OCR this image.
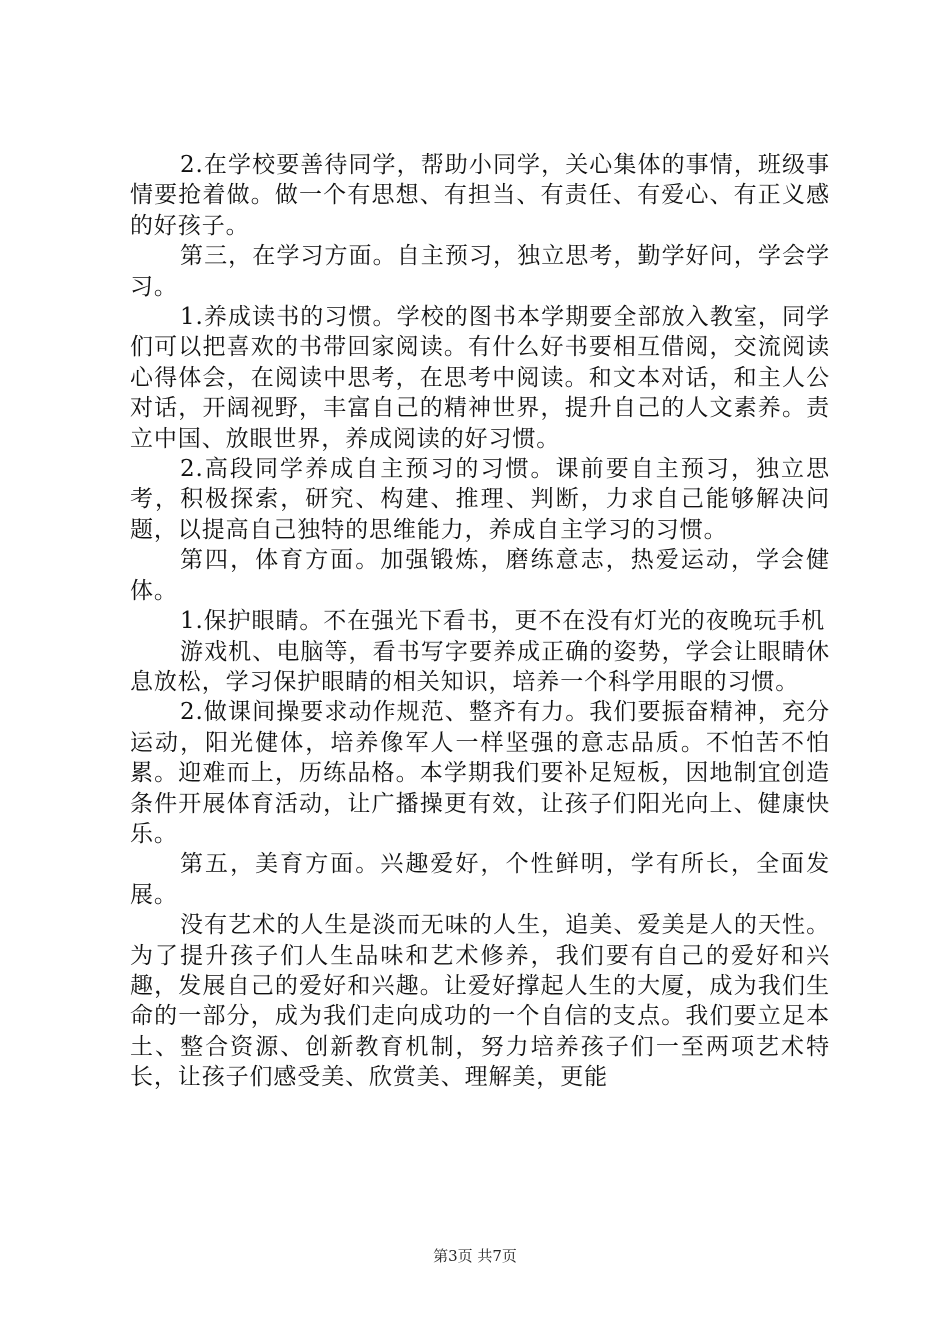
2.在学校要善待同学，帮助小同学，关心集体的事情，班级事情要抢着做。做一个有思想、有担当、有责任、有爱心、有正义感的好孩子。

第三，在学习方面。自主预习，独立思考，勤学好问，学会学习。

1.养成读书的习惯。学校的图书本学期要全部放入教室，同学们可以把喜欢的书带回家阅读。有什么好书要相互借阅，交流阅读心得体会，在阅读中思考，在思考中阅读。和文本对话，和主人公对话，开阔视野，丰富自己的精神世界，提升自己的人文素养。责立中国、放眼世界，养成阅读的好习惯。

2.高段同学养成自主预习的习惯。课前要自主预习，独立思考，积极探索，研究、构建、推理、判断，力求自己能够解决问题，以提高自己独特的思维能力，养成自主学习的习惯。

第四，体育方面。加强锻炼，磨练意志，热爱运动，学会健体。

1.保护眼睛。不在强光下看书，更不在没有灯光的夜晚玩手机

游戏机、电脑等，看书写字要养成正确的姿势，学会让眼睛休息放松，学习保护眼睛的相关知识，培养一个科学用眼的习惯。

2.做课间操要求动作规范、整齐有力。我们要振奋精神，充分运动，阳光健体，培养像军人一样坚强的意志品质。不怕苦不怕累。迎难而上，历练品格。本学期我们要补足短板，因地制宜创造条件开展体育活动，让广播操更有效，让孩子们阳光向上、健康快乐。

第五，美育方面。兴趣爱好，个性鲜明，学有所长，全面发展。

没有艺术的人生是淡而无味的人生，追美、爱美是人的天性。为了提升孩子们人生品味和艺术修养，我们要有自己的爱好和兴趣，发展自己的爱好和兴趣。让爱好撑起人生的大厦，成为我们生命的一部分，成为我们走向成功的一个自信的支点。我们要立足本土、整合资源、创新教育机制，努力培养孩子们一至两项艺术特长，让孩子们感受美、欣赏美、理解美，更能

第3页 共7页
